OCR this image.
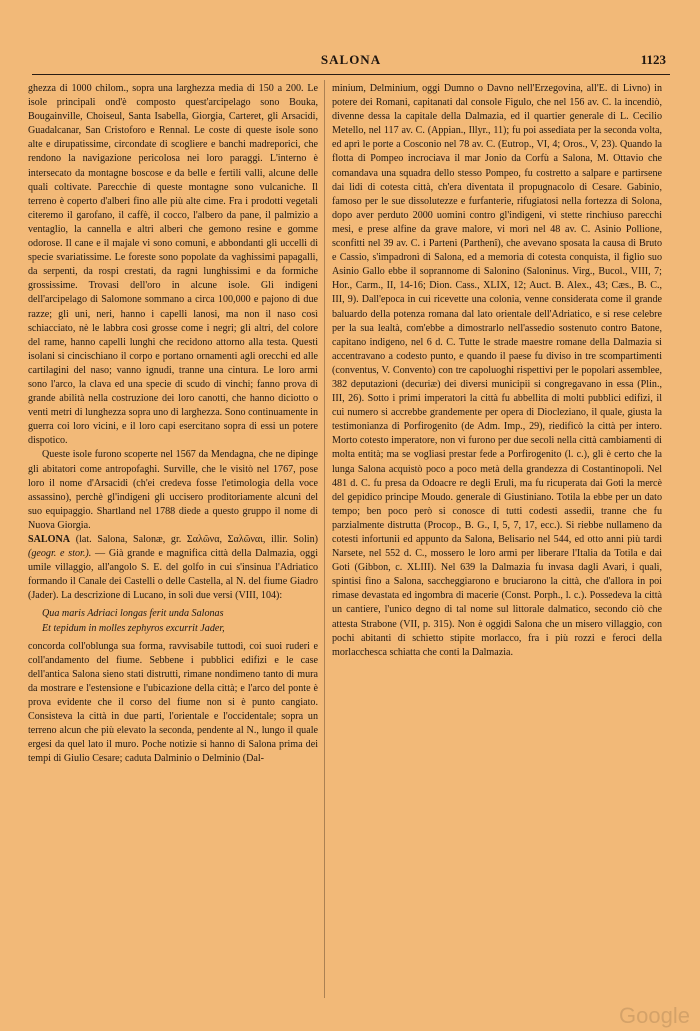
SALONA	1123

ghezza di 1000 chilom., sopra una larghezza media di 150 a 200. Le isole principali ond'è composto quest'arcipelago sono Bouka, Bougainville, Choiseul, Santa Isabella, Giorgia, Carteret, gli Arsacidi, Guadalcanar, San Cristoforo e Rennal. Le coste di queste isole sono alte e dirupatissime, circondate di scogliere e banchi madreporici, che rendono la navigazione pericolosa nei loro paraggi. L'interno è intersecato da montagne boscose e da belle e fertili valli, alcune delle quali coltivate. Parecchie di queste montagne sono vulcaniche. Il terreno è coperto d'alberi fino alle più alte cime. Fra i prodotti vegetali citeremo il garofano, il caffè, il cocco, l'albero da pane, il palmizio a ventaglio, la cannella e altri alberi che gemono resine e gomme odorose. Il cane e il majale vi sono comuni, e abbondanti gli uccelli di specie svariatissime. Le foreste sono popolate da vaghissimi papagalli, da serpenti, da rospi crestati, da ragni lunghissimi e da formiche grossissime. Trovasi dell'oro in alcune isole. Gli indigeni dell'arcipelago di Salomone sommano a circa 100,000 e pajono di due razze; gli uni, neri, hanno i capelli lanosi, ma non il naso così schiacciato, nè le labbra così grosse come i negri; gli altri, del colore del rame, hanno capelli lunghi che recidono attorno alla testa. Questi isolani si cincischiano il corpo e portano ornamenti agli orecchi ed alle cartilagini del naso; vanno ignudi, tranne una cintura. Le loro armi sono l'arco, la clava ed una specie di scudo di vinchi; fanno prova di grande abilità nella costruzione dei loro canotti, che hanno diciotto o venti metri di lunghezza sopra uno di larghezza. Sono continuamente in guerra coi loro vicini, e il loro capi esercitano sopra di essi un potere dispotico.

Queste isole furono scoperte nel 1567 da Mendagna, che ne dipinge gli abitatori come antropofaghi. Surville, che le visitò nel 1767, pose loro il nome d'Arsacidi (ch'ei credeva fosse l'etimologia della voce assassino), perchè gl'indigeni gli uccisero proditoriamente alcuni del suo equipaggio. Shartland nel 1788 diede a questo gruppo il nome di Nuova Giorgia.

SALONA (lat. Salona, Salonæ, gr. Σαλῶνα, Σαλῶναι, illir. Solin) (geogr. e stor.). — Già grande e magnifica città della Dalmazia, oggi umile villaggio, all'angolo S. E. del golfo in cui s'insinua l'Adriatico formando il Canale dei Castelli o delle Castella, al N. del fiume Giadro (Jader). La descrizione di Lucano, in soli due versi (VIII, 104):

Qua maris Adriaci longas ferit unda Salonas
Et tepidum in molles zephyros excurrit Jader,

concorda coll'oblunga sua forma, ravvisabile tuttodì, coi suoi ruderi e coll'andamento del fiume. Sebbene i pubblici edifizi e le case dell'antica Salona sieno stati distrutti, rimane nondimeno tanto di mura da mostrare e l'estensione e l'ubicazione della città; e l'arco del ponte è prova evidente che il corso del fiume non si è punto cangiato. Consisteva la città in due parti, l'orientale e l'occidentale; sopra un terreno alcun che più elevato la seconda, pendente al N., lungo il quale ergesi da quel lato il muro. Poche notizie si hanno di Salona prima dei tempi di Giulio Cesare; caduta Dalminio o Delminio (Dal-

minium, Delminium, oggi Dumno o Davno nell'Erzegovina, all'E. di Livno) in potere dei Romani, capitanati dal console Figulo, che nel 156 av. C. la incendiò, divenne dessa la capitale della Dalmazia, ed il quartier generale di L. Cecilio Metello, nel 117 av. C. (Appian., Illyr., 11); fu poi assediata per la seconda volta, ed aprì le porte a Cosconio nel 78 av. C. (Eutrop., VI, 4; Oros., V, 23). Quando la flotta di Pompeo incrociava il mar Jonio da Corfù a Salona, M. Ottavio che comandava una squadra dello stesso Pompeo, fu costretto a salpare e partirsene dai lidi di cotesta città, ch'era diventata il propugnacolo di Cesare. Gabinio, famoso per le sue dissolutezze e furfanterie, rifugiatosi nella fortezza di Solona, dopo aver perduto 2000 uomini contro gl'indigeni, vi stette rinchiuso parecchi mesi, e prese alfine da grave malore, vi morì nel 48 av. C. Asinio Pollione, sconfitti nel 39 av. C. i Parteni (Parthenî), che avevano sposata la causa di Bruto e Cassio, s'impadronì di Salona, ed a memoria di cotesta conquista, il figlio suo Asinio Gallo ebbe il soprannome di Salonino (Saloninus. Virg., Bucol., VIII, 7; Hor., Carm., II, 14-16; Dion. Cass., XLIX, 12; Auct. B. Alex., 43; Cæs., B. C., III, 9). Dall'epoca in cui ricevette una colonia, venne considerata come il grande baluardo della potenza romana dal lato orientale dell'Adriatico, e si rese celebre per la sua lealtà, com'ebbe a dimostrarlo nell'assedio sostenuto contro Batone, capitano indigeno, nel 6 d. C. Tutte le strade maestre romane della Dalmazia si accentravano a codesto punto, e quando il paese fu diviso in tre scompartimenti (conventus, V. Convento) con tre capoluoghi rispettivi per le popolari assemblee, 382 deputazioni (decuriæ) dei diversi municipii si congregavano in essa (Plin., III, 26). Sotto i primi imperatori la città fu abbellita di molti pubblici edifizi, il cui numero si accrebbe grandemente per opera di Diocleziano, il quale, giusta la testimonianza di Porfirogenito (de Adm. Imp., 29), riedificò la città per intero. Morto cotesto imperatore, non vi furono per due secoli nella città cambiamenti di molta entità; ma se vogliasi prestar fede a Porfirogenito (l. c.), gli è certo che la lunga Salona acquistò poco a poco metà della grandezza di Costantinopoli. Nel 481 d. C. fu presa da Odoacre re degli Eruli, ma fu ricuperata dai Goti la mercè del gepidico principe Moudo. generale di Giustiniano. Totila la ebbe per un dato tempo; ben poco però si conosce di tutti codesti assedii, tranne che fu parzialmente distrutta (Procop., B. G., I, 5, 7, 17, ecc.). Si riebbe nullameno da cotesti infortunii ed appunto da Salona, Belisario nel 544, ed otto anni più tardi Narsete, nel 552 d. C., mossero le loro armi per liberare l'Italia da Totila e dai Goti (Gibbon, c. XLIII). Nel 639 la Dalmazia fu invasa dagli Avari, i quali, spintisi fino a Salona, saccheggiarono e bruciarono la città, che d'allora in poi rimase devastata ed ingombra di macerie (Const. Porph., l. c.). Possedeva la città un cantiere, l'unico degno di tal nome sul littorale dalmatico, secondo ciò che attesta Strabone (VII, p. 315). Non è oggidì Salona che un misero villaggio, con pochi abitanti di schietto stipite morlacco, fra i più rozzi e feroci della morlacchesca schiatta che conti la Dalmazia.

Google
